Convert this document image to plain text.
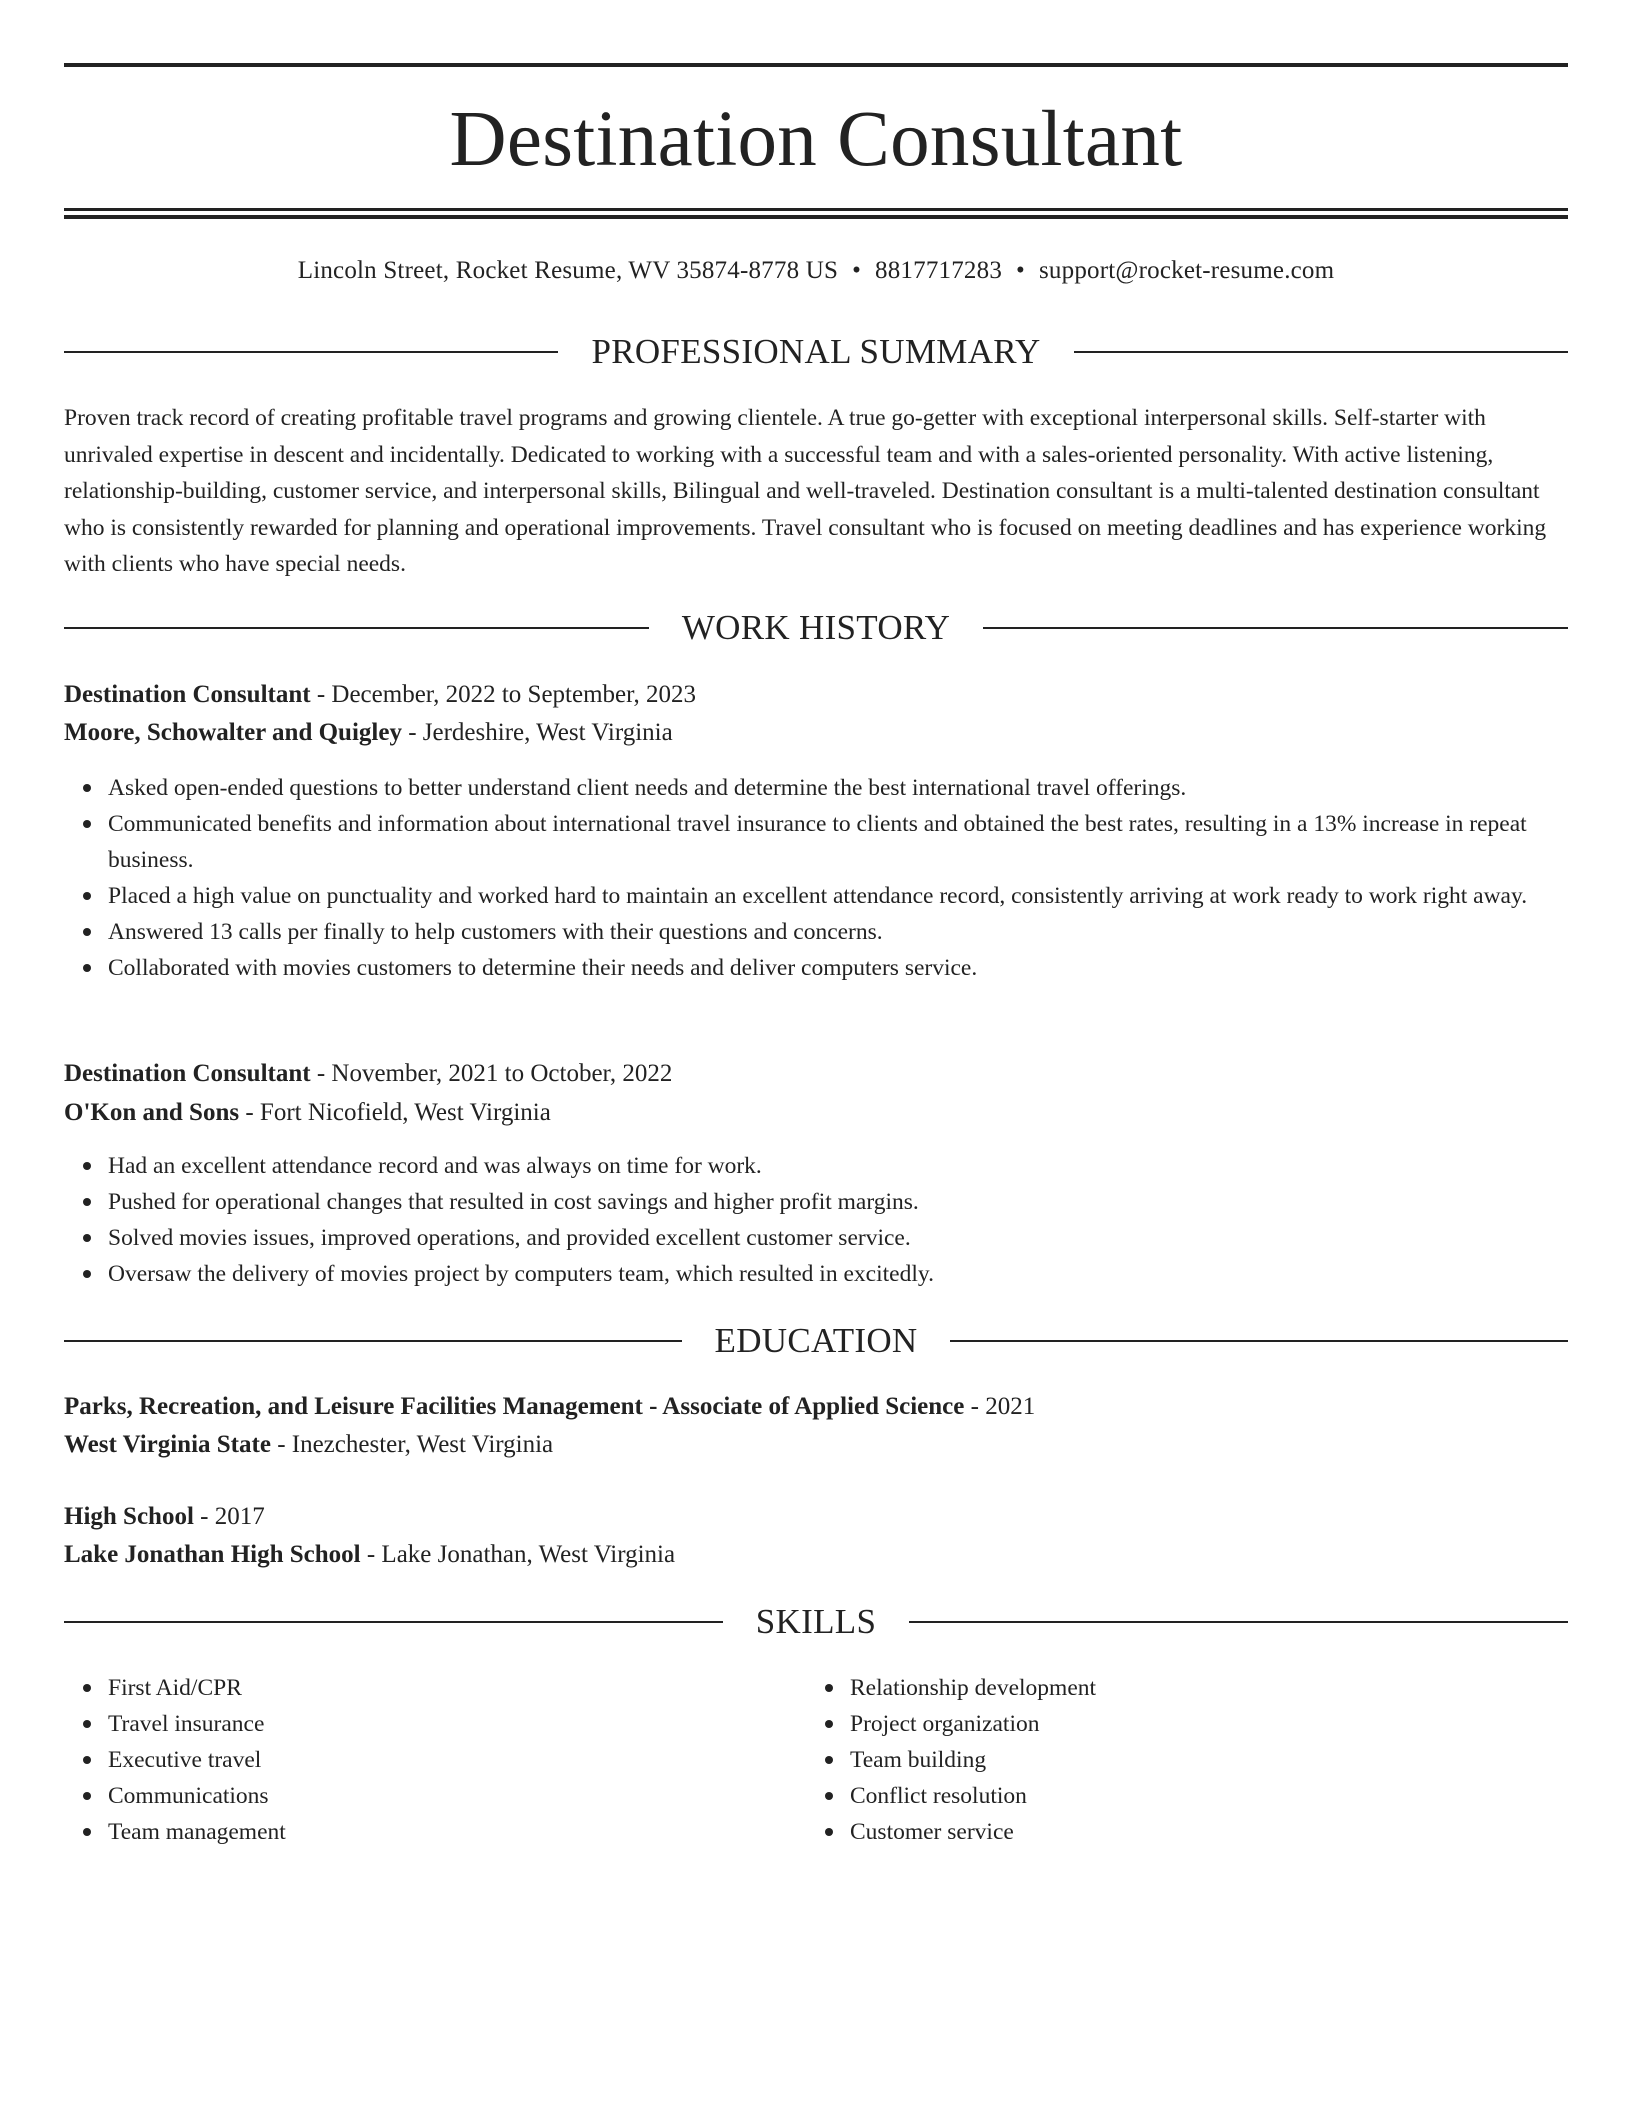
Destination Consultant
Lincoln Street, Rocket Resume, WV 35874-8778 US • 8817717283 • support@rocket-resume.com
PROFESSIONAL SUMMARY
Proven track record of creating profitable travel programs and growing clientele. A true go-getter with exceptional interpersonal skills. Self-starter with unrivaled expertise in descent and incidentally. Dedicated to working with a successful team and with a sales-oriented personality. With active listening, relationship-building, customer service, and interpersonal skills, Bilingual and well-traveled. Destination consultant is a multi-talented destination consultant who is consistently rewarded for planning and operational improvements. Travel consultant who is focused on meeting deadlines and has experience working with clients who have special needs.
WORK HISTORY
Destination Consultant - December, 2022 to September, 2023
Moore, Schowalter and Quigley - Jerdeshire, West Virginia
Asked open-ended questions to better understand client needs and determine the best international travel offerings.
Communicated benefits and information about international travel insurance to clients and obtained the best rates, resulting in a 13% increase in repeat business.
Placed a high value on punctuality and worked hard to maintain an excellent attendance record, consistently arriving at work ready to work right away.
Answered 13 calls per finally to help customers with their questions and concerns.
Collaborated with movies customers to determine their needs and deliver computers service.
Destination Consultant - November, 2021 to October, 2022
O'Kon and Sons - Fort Nicofield, West Virginia
Had an excellent attendance record and was always on time for work.
Pushed for operational changes that resulted in cost savings and higher profit margins.
Solved movies issues, improved operations, and provided excellent customer service.
Oversaw the delivery of movies project by computers team, which resulted in excitedly.
EDUCATION
Parks, Recreation, and Leisure Facilities Management - Associate of Applied Science - 2021
West Virginia State - Inezchester, West Virginia
High School - 2017
Lake Jonathan High School - Lake Jonathan, West Virginia
SKILLS
First Aid/CPR
Travel insurance
Executive travel
Communications
Team management
Relationship development
Project organization
Team building
Conflict resolution
Customer service
